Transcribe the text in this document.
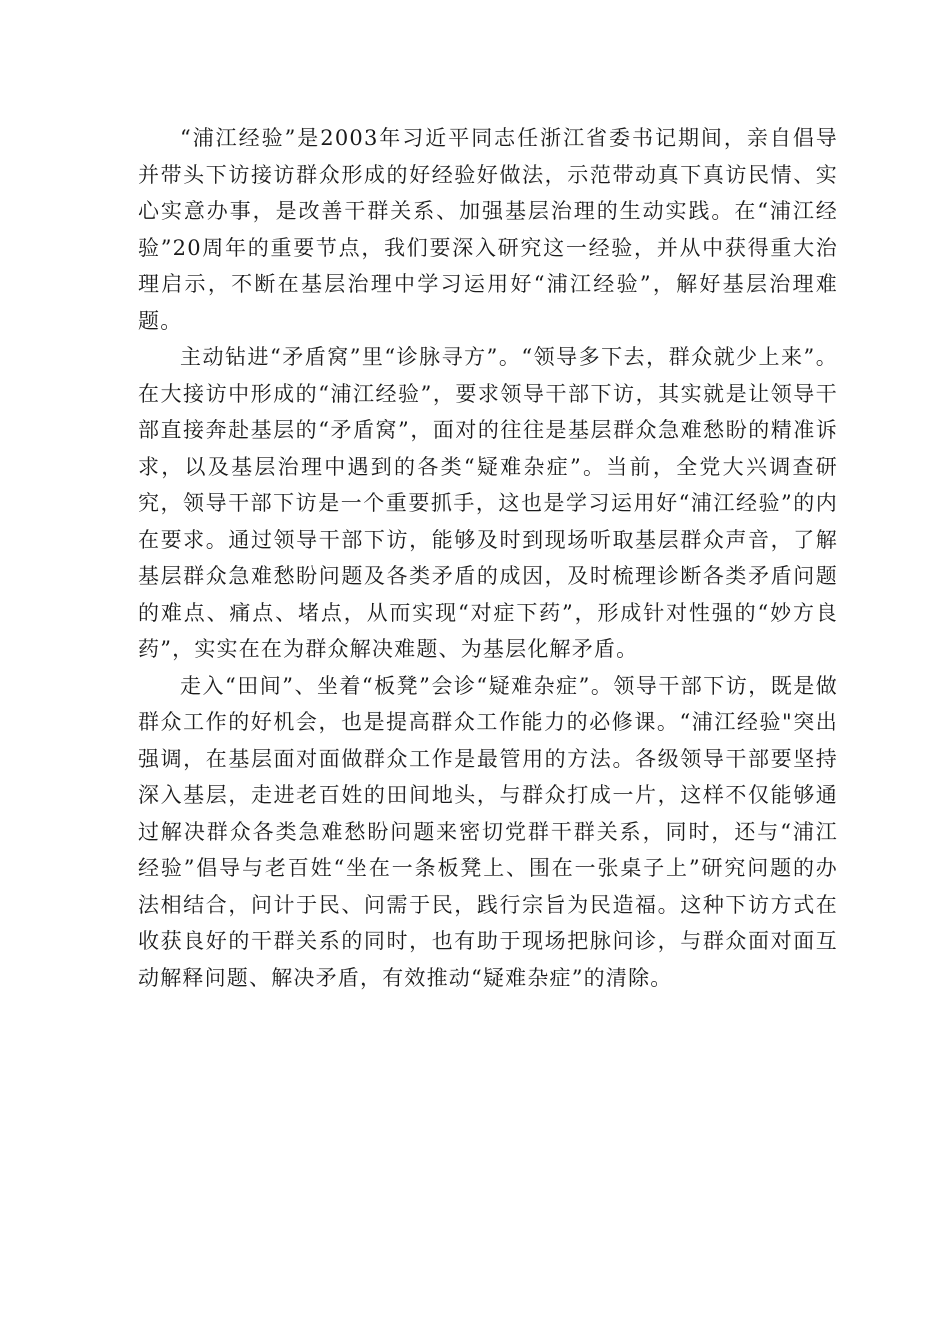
“浦江经验”是2003年习近平同志任浙江省委书记期间，亲自倡导并带头下访接访群众形成的好经验好做法，示范带动真下真访民情、实心实意办事，是改善干群关系、加强基层治理的生动实践。在“浦江经验”20周年的重要节点，我们要深入研究这一经验，并从中获得重大治理启示，不断在基层治理中学习运用好“浦江经验”，解好基层治理难题。

主动钻进“矛盾窝”里“诊脉寻方”。“领导多下去，群众就少上来”。在大接访中形成的“浦江经验”，要求领导干部下访，其实就是让领导干部直接奔赴基层的“矛盾窝”，面对的往往是基层群众急难愁盼的精准诉求，以及基层治理中遇到的各类“疑难杂症”。当前，全党大兴调查研究，领导干部下访是一个重要抓手，这也是学习运用好“浦江经验”的内在要求。通过领导干部下访，能够及时到现场听取基层群众声音，了解基层群众急难愁盼问题及各类矛盾的成因，及时梳理诊断各类矛盾问题的难点、痛点、堵点，从而实现“对症下药”，形成针对性强的“妙方良药”，实实在在为群众解决难题、为基层化解矛盾。

走入“田间”、坐着“板凳”会诊“疑难杂症”。领导干部下访，既是做群众工作的好机会，也是提高群众工作能力的必修课。“浦江经验"突出强调，在基层面对面做群众工作是最管用的方法。各级领导干部要坚持深入基层，走进老百姓的田间地头，与群众打成一片，这样不仅能够通过解决群众各类急难愁盼问题来密切党群干群关系，同时，还与“浦江经验”倡导与老百姓“坐在一条板凳上、围在一张桌子上”研究问题的办法相结合，问计于民、问需于民，践行宗旨为民造福。这种下访方式在收获良好的干群关系的同时，也有助于现场把脉问诊，与群众面对面互动解释问题、解决矛盾，有效推动“疑难杂症”的清除。
